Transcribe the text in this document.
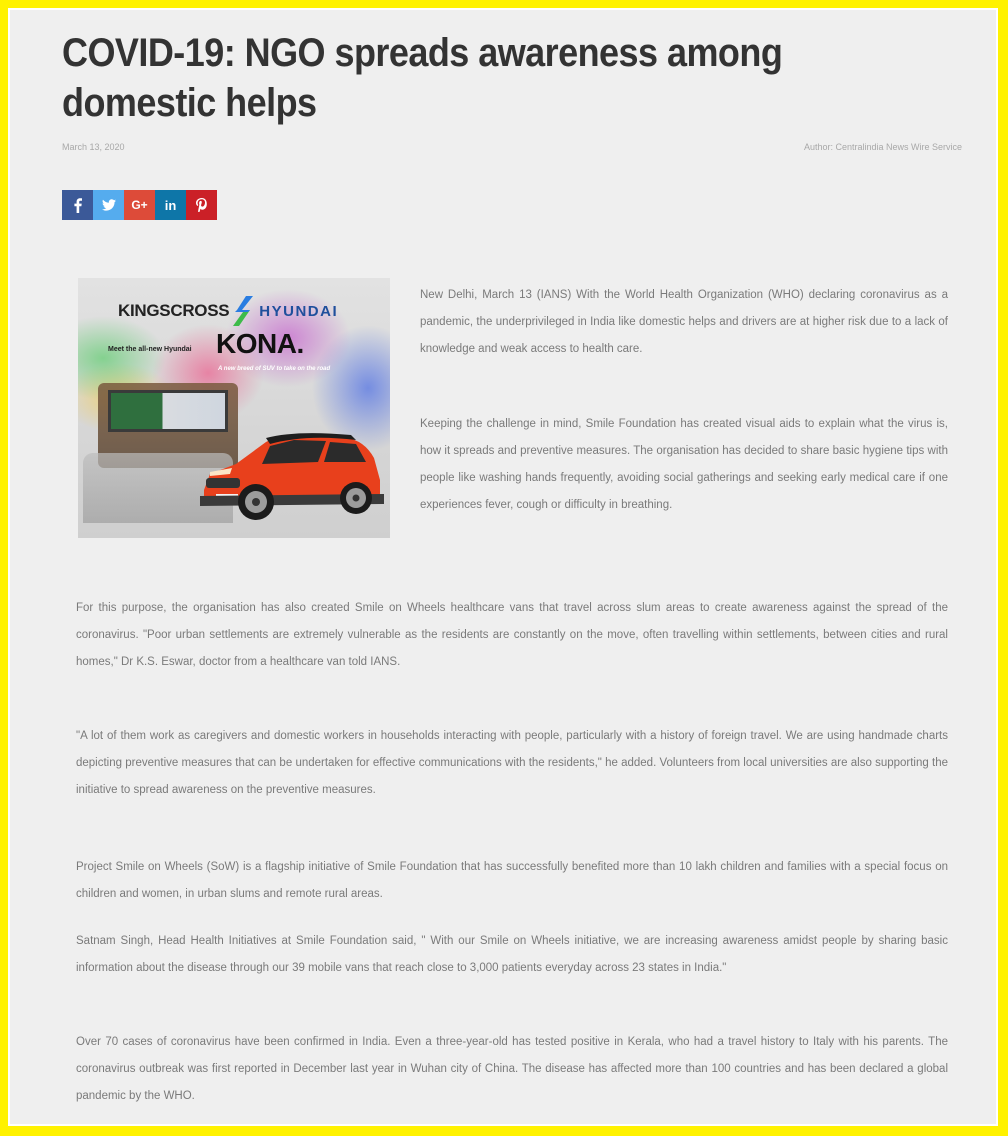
COVID-19: NGO spreads awareness among domestic helps
March 13, 2020	Author: Centralindia News Wire Service
G+ in
KINGSCROSS HYUNDAI
Meet the all-new Hyundai KONA.
A new breed of SUV to take on the road

New Delhi, March 13 (IANS) With the World Health Organization (WHO) declaring coronavirus as a pandemic, the underprivileged in India like domestic helps and drivers are at higher risk due to a lack of knowledge and weak access to health care.

Keeping the challenge in mind, Smile Foundation has created visual aids to explain what the virus is, how it spreads and preventive measures. The organisation has decided to share basic hygiene tips with people like washing hands frequently, avoiding social gatherings and seeking early medical care if one experiences fever, cough or difficulty in breathing.

For this purpose, the organisation has also created Smile on Wheels healthcare vans that travel across slum areas to create awareness against the spread of the coronavirus. "Poor urban settlements are extremely vulnerable as the residents are constantly on the move, often travelling within settlements, between cities and rural homes," Dr K.S. Eswar, doctor from a healthcare van told IANS.

"A lot of them work as caregivers and domestic workers in households interacting with people, particularly with a history of foreign travel. We are using handmade charts depicting preventive measures that can be undertaken for effective communications with the residents," he added. Volunteers from local universities are also supporting the initiative to spread awareness on the preventive measures.

Project Smile on Wheels (SoW) is a flagship initiative of Smile Foundation that has successfully benefited more than 10 lakh children and families with a special focus on children and women, in urban slums and remote rural areas.

Satnam Singh, Head Health Initiatives at Smile Foundation said, " With our Smile on Wheels initiative, we are increasing awareness amidst people by sharing basic information about the disease through our 39 mobile vans that reach close to 3,000 patients everyday across 23 states in India."

Over 70 cases of coronavirus have been confirmed in India. Even a three-year-old has tested positive in Kerala, who had a travel history to Italy with his parents. The coronavirus outbreak was first reported in December last year in Wuhan city of China. The disease has affected more than 100 countries and has been declared a global pandemic by the WHO.
